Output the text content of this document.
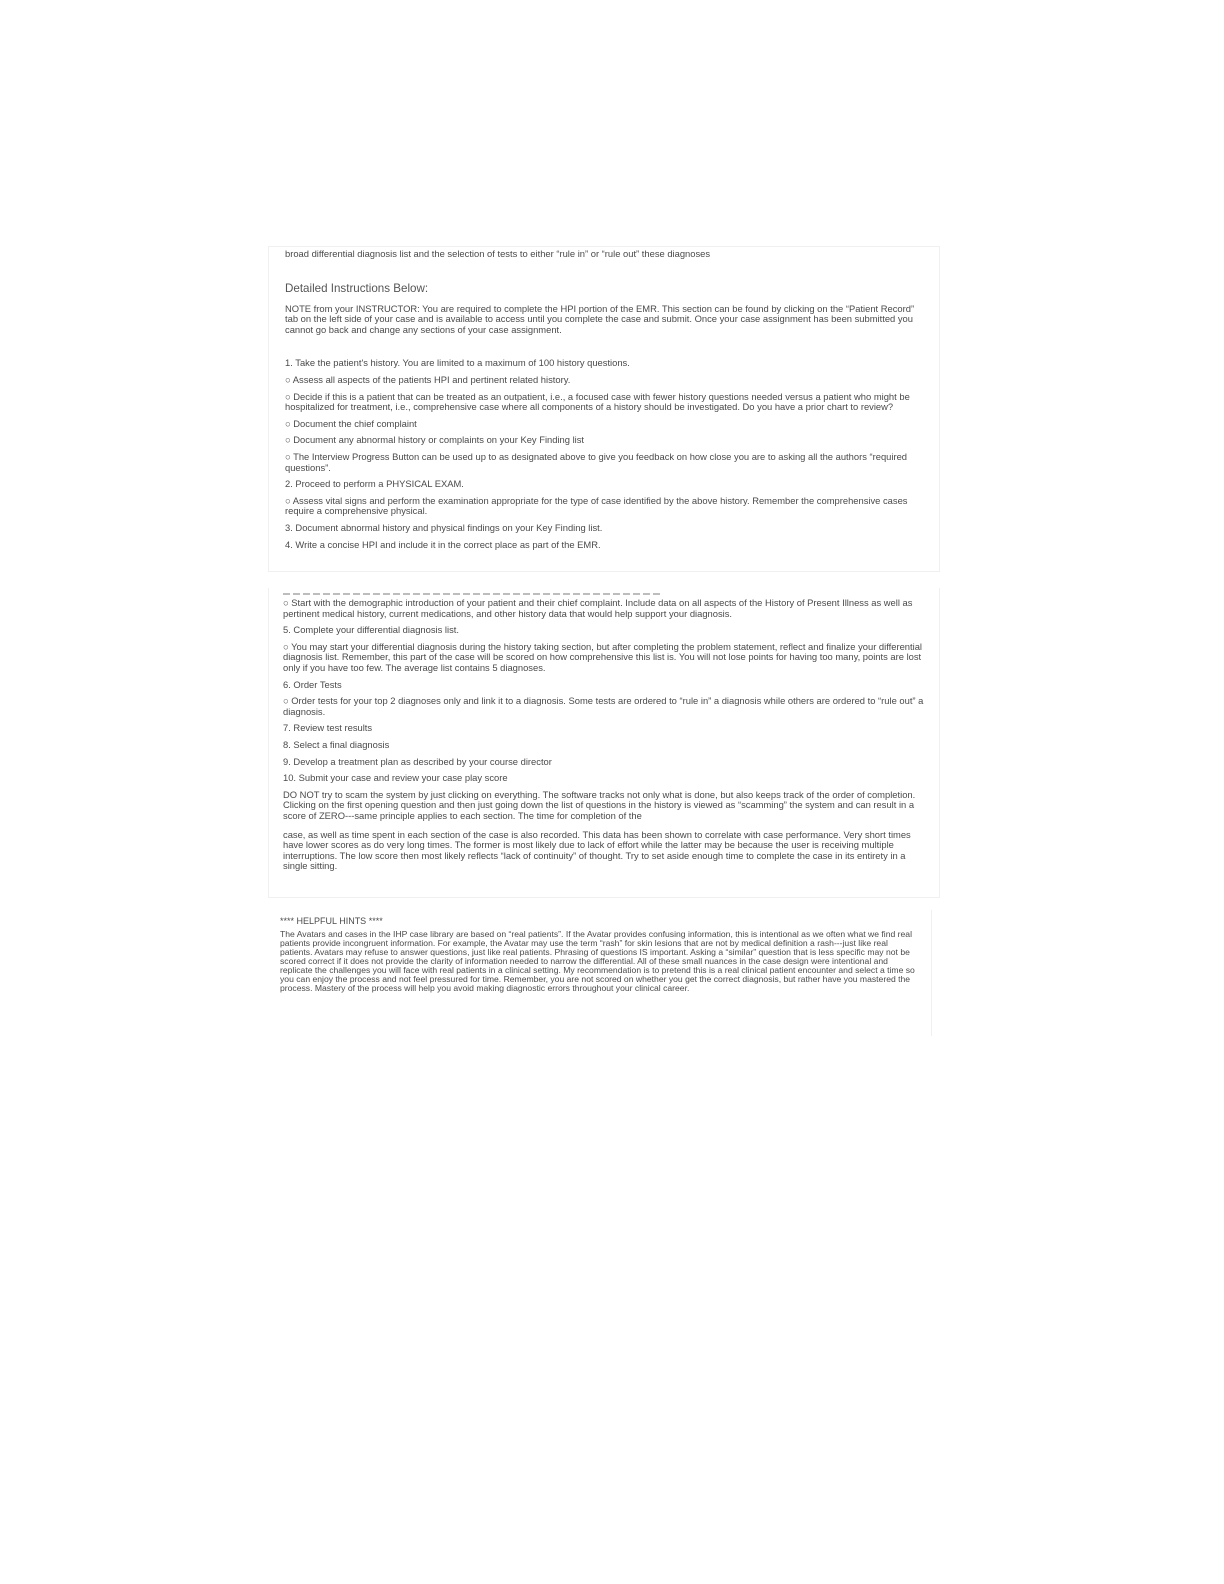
broad differential diagnosis list and the selection of tests to either “rule in” or “rule out” these diagnoses

Detailed Instructions Below:

NOTE from your INSTRUCTOR: You are required to complete the HPI portion of the EMR. This section can be found by clicking on the “Patient Record” tab on the left side of your case and is available to access until you complete the case and submit. Once your case assignment has been submitted you cannot go back and change any sections of your case assignment.

1. Take the patient's history. You are limited to a maximum of 100 history questions.

○ Assess all aspects of the patients HPI and pertinent related history.

○ Decide if this is a patient that can be treated as an outpatient, i.e., a focused case with fewer history questions needed versus a patient who might be hospitalized for treatment, i.e., comprehensive case where all components of a history should be investigated. Do you have a prior chart to review?

○ Document the chief complaint

○ Document any abnormal history or complaints on your Key Finding list

○ The Interview Progress Button can be used up to as designated above to give you feedback on how close you are to asking all the authors “required questions”.

2. Proceed to perform a PHYSICAL EXAM.

○ Assess vital signs and perform the examination appropriate for the type of case identified by the above history. Remember the comprehensive cases require a comprehensive physical.

3. Document abnormal history and physical findings on your Key Finding list.

4. Write a concise HPI and include it in the correct place as part of the EMR.

○ Start with the demographic introduction of your patient and their chief complaint. Include data on all aspects of the History of Present Illness as well as pertinent medical history, current medications, and other history data that would help support your diagnosis.

5. Complete your differential diagnosis list.

○ You may start your differential diagnosis during the history taking section, but after completing the problem statement, reflect and finalize your differential diagnosis list. Remember, this part of the case will be scored on how comprehensive this list is. You will not lose points for having too many, points are lost only if you have too few. The average list contains 5 diagnoses.

6. Order Tests

○ Order tests for your top 2 diagnoses only and link it to a diagnosis. Some tests are ordered to “rule in” a diagnosis while others are ordered to “rule out” a diagnosis.

7. Review test results

8. Select a final diagnosis

9. Develop a treatment plan as described by your course director

10. Submit your case and review your case play score

DO NOT try to scam the system by just clicking on everything. The software tracks not only what is done, but also keeps track of the order of completion. Clicking on the first opening question and then just going down the list of questions in the history is viewed as “scamming” the system and can result in a score of ZERO---same principle applies to each section. The time for completion of the

case, as well as time spent in each section of the case is also recorded. This data has been shown to correlate with case performance. Very short times have lower scores as do very long times. The former is most likely due to lack of effort while the latter may be because the user is receiving multiple interruptions. The low score then most likely reflects “lack of continuity” of thought. Try to set aside enough time to complete the case in its entirety in a single sitting.

**** HELPFUL HINTS ****

The Avatars and cases in the IHP case library are based on “real patients”. If the Avatar provides confusing information, this is intentional as we often what we find real patients provide incongruent information. For example, the Avatar may use the term “rash” for skin lesions that are not by medical definition a rash---just like real patients. Avatars may refuse to answer questions, just like real patients. Phrasing of questions IS important. Asking a “similar” question that is less specific may not be scored correct if it does not provide the clarity of information needed to narrow the differential. All of these small nuances in the case design were intentional and replicate the challenges you will face with real patients in a clinical setting. My recommendation is to pretend this is a real clinical patient encounter and select a time so you can enjoy the process and not feel pressured for time. Remember, you are not scored on whether you get the correct diagnosis, but rather have you mastered the process. Mastery of the process will help you avoid making diagnostic errors throughout your clinical career.
